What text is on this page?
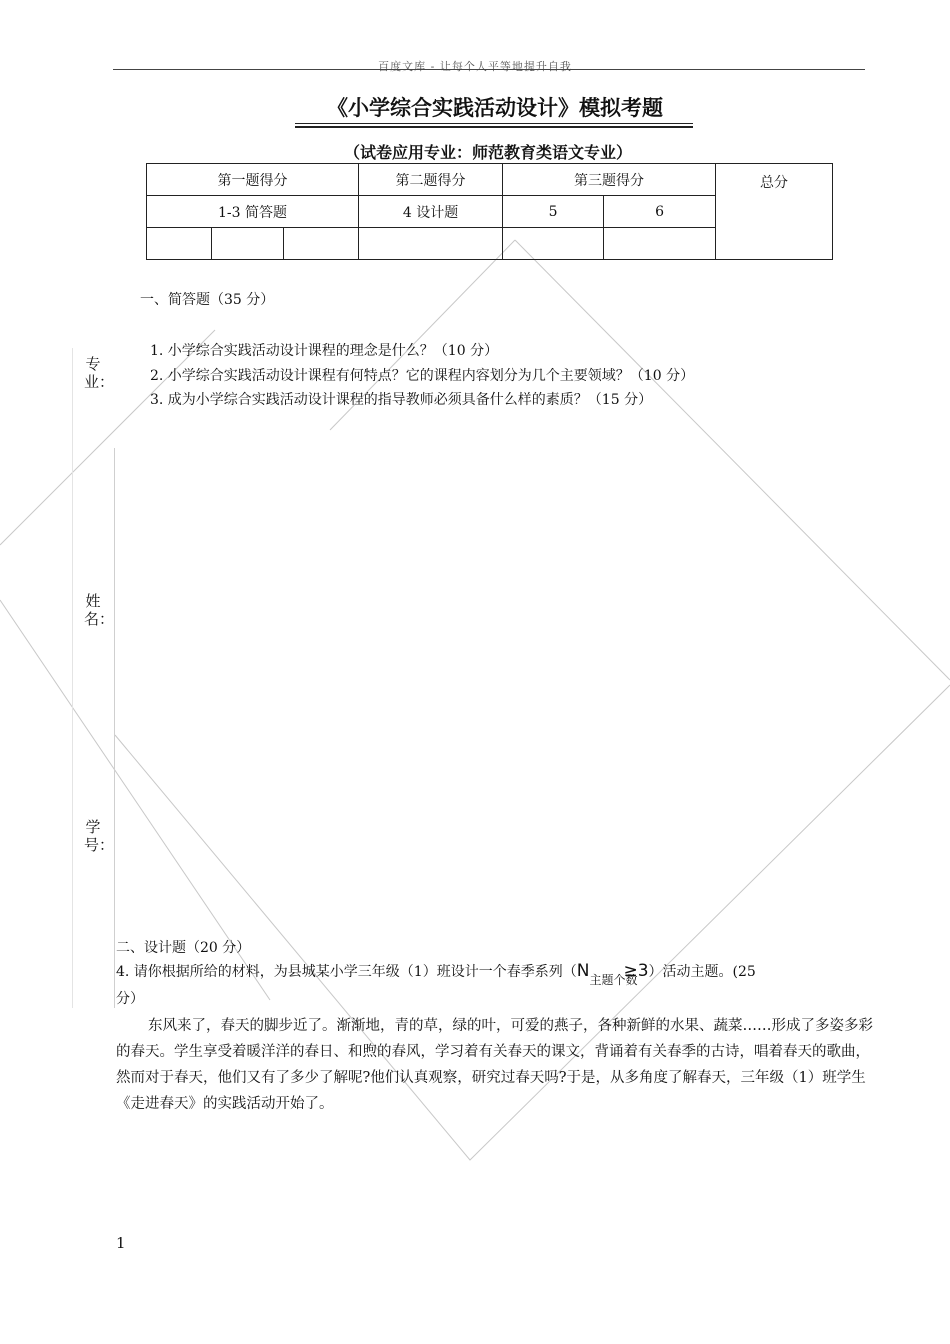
百度文库 - 让每个人平等地提升自我
《小学综合实践活动设计》模拟考题
（试卷应用专业：师范教育类语文专业）
第一题得分			第二题得分	第三题得分		总分
1-3 简答题			4 设计题	5	6	

一、简答题（35 分）
1. 小学综合实践活动设计课程的理念是什么？（10 分）
2. 小学综合实践活动设计课程有何特点？它的课程内容划分为几个主要领域？（10 分）
3. 成为小学综合实践活动设计课程的指导教师必须具备什么样的素质？（15 分）
专业：
姓名：
学号：
二、设计题（20 分）
4. 请你根据所给的材料，为县城某小学三年级（1）班设计一个春季系列（N主题个数≥3）活动主题。(25
分）
东风来了，春天的脚步近了。渐渐地，青的草，绿的叶，可爱的燕子，各种新鲜的水果、蔬菜……形成了多姿多彩的春天。学生享受着暖洋洋的春日、和煦的春风，学习着有关春天的课文，背诵着有关春季的古诗，唱着春天的歌曲，然而对于春天，他们又有了多少了解呢?他们认真观察，研究过春天吗?于是，从多角度了解春天，三年级（1）班学生《走进春天》的实践活动开始了。
1
